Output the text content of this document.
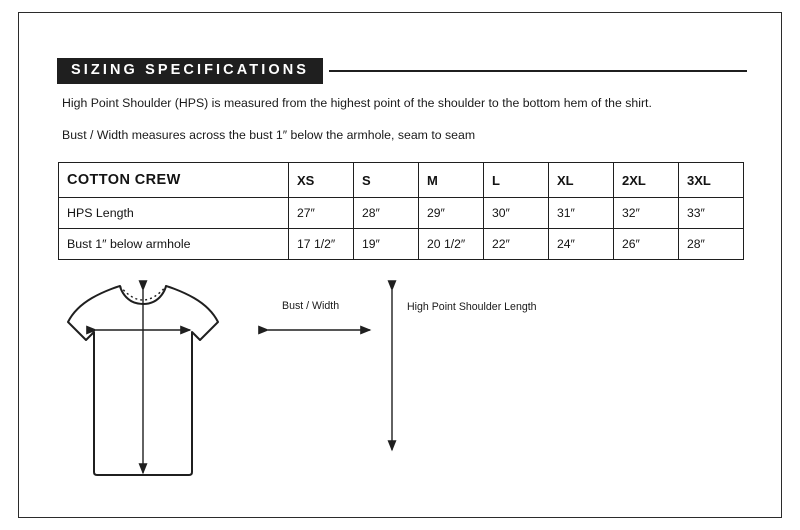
SIZING SPECIFICATIONS

High Point Shoulder (HPS) is measured from the highest point of the shoulder to the bottom hem of the shirt.

Bust / Width measures across the bust 1″ below the armhole, seam to seam

COTTON CREW	XS	S	M	L	XL	2XL	3XL
HPS Length	27″	28″	29″	30″	31″	32″	33″
Bust 1″ below armhole	17 1/2″	19″	20 1/2″	22″	24″	26″	28″
Bust / Width	High Point Shoulder Length
